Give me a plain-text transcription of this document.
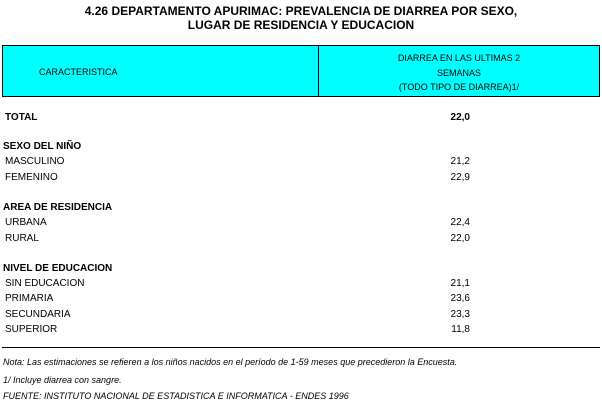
4.26 DEPARTAMENTO APURIMAC: PREVALENCIA DE DIARREA POR SEXO,
LUGAR DE RESIDENCIA Y EDUCACION
CARACTERISTICA
DIARREA EN LAS ULTIMAS 2
SEMANAS
(TODO TIPO DE DIARREA)1/
TOTAL	22,0
SEXO DEL NIÑO
MASCULINO	21,2
FEMENINO	22,9
AREA DE RESIDENCIA
URBANA	22,4
RURAL	22,0
NIVEL DE EDUCACION
SIN EDUCACION	21,1
PRIMARIA	23,6
SECUNDARIA	23,3
SUPERIOR	11,8
Nota: Las estimaciones se refieren a los niños nacidos en el período de 1-59 meses que precedieron la Encuesta.
1/ Incluye diarrea con sangre.
FUENTE: INSTITUTO NACIONAL DE ESTADISTICA E INFORMATICA - ENDES 1996
